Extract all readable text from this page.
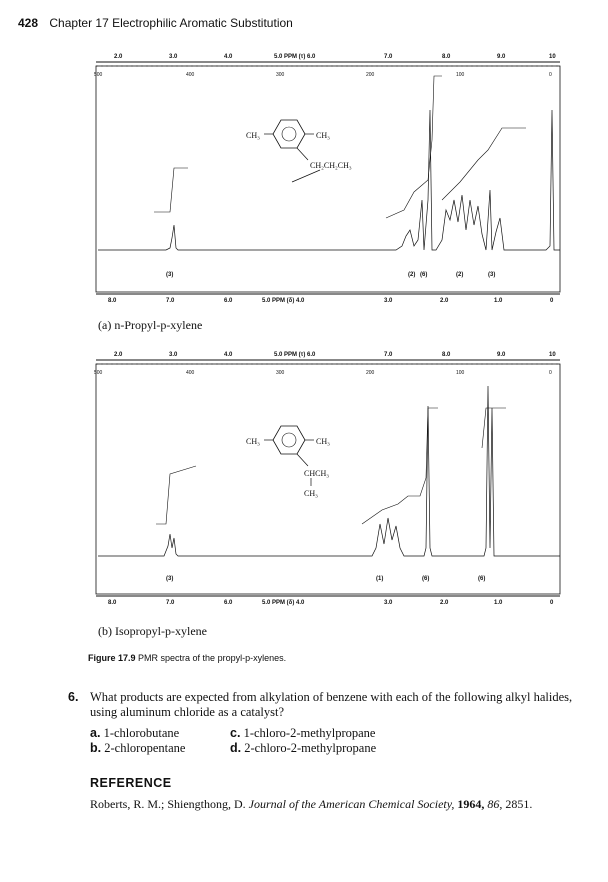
428 Chapter 17 Electrophilic Aromatic Substitution
2.0	3.0	4.0	5.0 PPM (τ) 6.0	7.0	8.0	9.0	10
500	400	300	200	100	0
CH₃	CH₃
CH₂CH₂CH₃
(3)	(2) (6)	(2)	(3)
8.0	7.0	6.0	5.0 PPM (δ) 4.0	3.0	2.0	1.0	0
(a) n-Propyl-p-xylene
2.0	3.0	4.0	5.0 PPM (τ) 6.0	7.0	8.0	9.0	10
500	400	300	200	100	0
CH₃	CH₃
CHCH₃
CH₃
(3)	(1)	(6)	(6)
8.0	7.0	6.0	5.0 PPM (δ) 4.0	3.0	2.0	1.0	0
(b) Isopropyl-p-xylene
Figure 17.9 PMR spectra of the propyl-p-xylenes.
6. What products are expected from alkylation of benzene with each of the following alkyl halides, using aluminum chloride as a catalyst?
a. 1-chlorobutane	c. 1-chloro-2-methylpropane
b. 2-chloropentane	d. 2-chloro-2-methylpropane
REFERENCE
Roberts, R. M.; Shiengthong, D. Journal of the American Chemical Society, 1964, 86, 2851.
